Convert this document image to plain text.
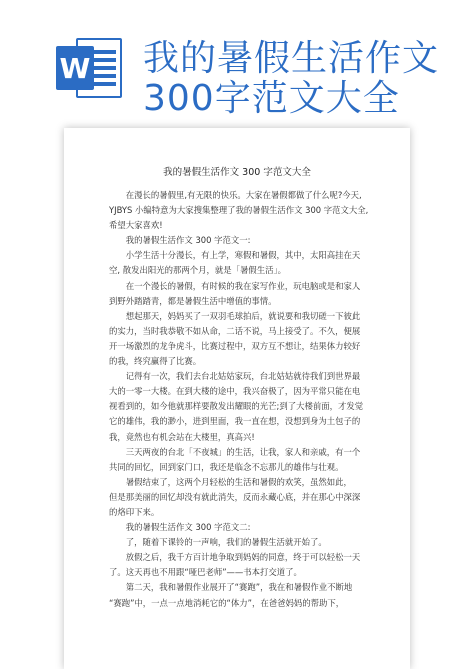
W 我的暑假生活作文
300字范文大全
我的暑假生活作文 300 字范文大全

在漫长的暑假里,有无限的快乐。大家在暑假都做了什么呢?今天,

YJBYS 小编特意为大家搜集整理了我的暑假生活作文 300 字范文大全,

希望大家喜欢!

我的暑假生活作文 300 字范文一:

小学生活十分漫长，有上学，寒假和暑假，其中，太阳高挂在天

空, 散发出阳光的那两个月，就是「暑假生活」。

在一个漫长的暑假，有时候的我在家写作业，玩电脑或是和家人

到野外踏踏青，都是暑假生活中增值的事情。

想起那天，妈妈买了一双羽毛球拍后，就说要和我切磋一下彼此

的实力，当时我恭敬不如从命，二话不说，马上接受了。不久，便展

开一场激烈的龙争虎斗，比赛过程中，双方互不想让，结果体力较好

的我，终究赢得了比赛。

记得有一次，我们去台北姑姑家玩，台北姑姑就待我们到世界最

大的一零一大楼。在到大楼的途中，我兴奋极了，因为平常只能在电

视看到的，如今他就那样要散发出耀眼的光芒;到了大楼前面，才发觉

它的雄伟，我的渺小，进到里面，我一直在想，没想到身为土包子的

我，竟然也有机会站在大楼里，真高兴!

三天两夜的台北「不夜城」的生活，让我，家人和亲戚，有一个

共同的回忆，回到家门口，我还是临念不忘那儿的雄伟与壮观。

暑假结束了，这两个月轻松的生活和暑假的欢笑，虽然如此，

但是那美丽的回忆却没有就此消失，反而永藏心底，并在那心中深深

的烙印下来。

我的暑假生活作文 300 字范文二:

了，随着下课铃的一声响，我们的暑假生活就开始了。

放假之后，我千方百计地争取到妈妈的同意，终于可以轻松一天

了。这天再也不用跟“哑巴老师”——书本打交道了。

第二天，我和暑假作业展开了“赛跑”，我在和暑假作业不断地

“赛跑”中，一点一点地消耗它的“体力”，在爸爸妈妈的帮助下，
